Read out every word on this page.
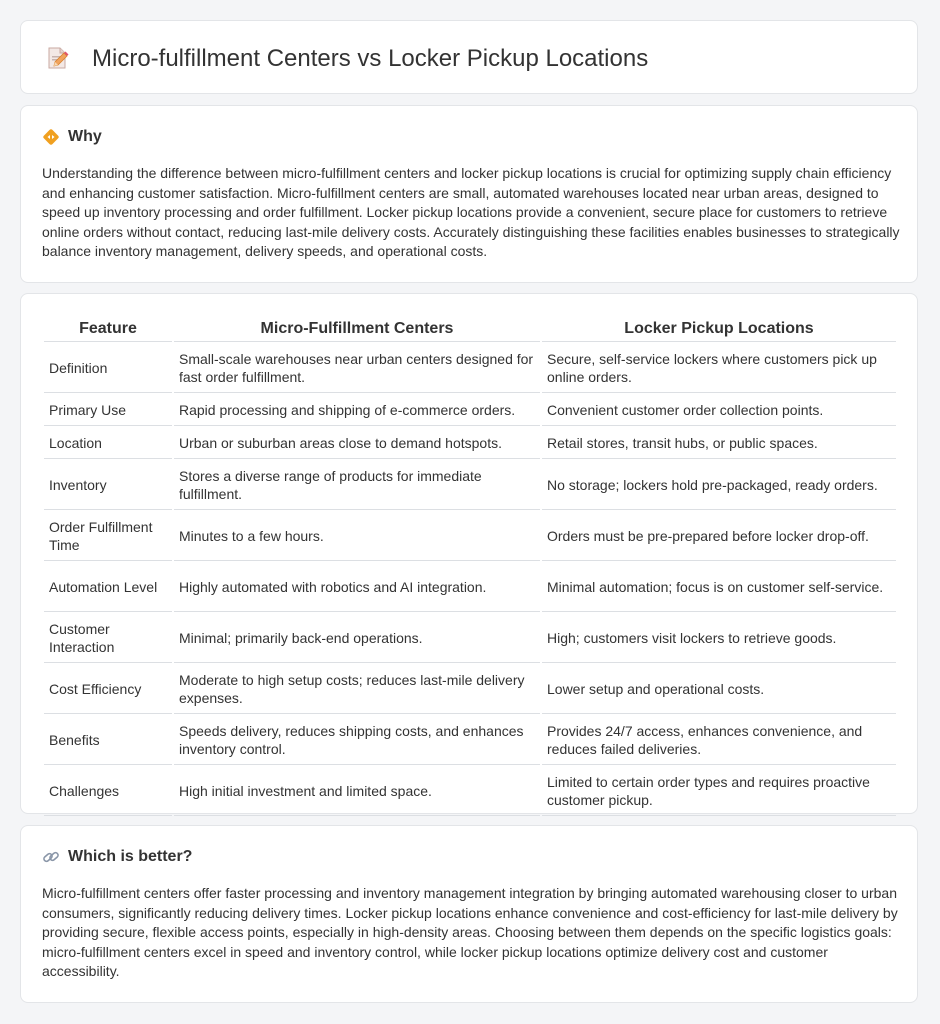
Micro-fulfillment Centers vs Locker Pickup Locations
Why

Understanding the difference between micro-fulfillment centers and locker pickup locations is crucial for optimizing supply chain efficiency and enhancing customer satisfaction. Micro-fulfillment centers are small, automated warehouses located near urban areas, designed to speed up inventory processing and order fulfillment. Locker pickup locations provide a convenient, secure place for customers to retrieve online orders without contact, reducing last-mile delivery costs. Accurately distinguishing these facilities enables businesses to strategically balance inventory management, delivery speeds, and operational costs.

Feature	Micro-Fulfillment Centers	Locker Pickup Locations
Definition	Small-scale warehouses near urban centers designed for fast order fulfillment.	Secure, self-service lockers where customers pick up online orders.
Primary Use	Rapid processing and shipping of e-commerce orders.	Convenient customer order collection points.
Location	Urban or suburban areas close to demand hotspots.	Retail stores, transit hubs, or public spaces.
Inventory	Stores a diverse range of products for immediate fulfillment.	No storage; lockers hold pre-packaged, ready orders.
Order Fulfillment Time	Minutes to a few hours.	Orders must be pre-prepared before locker drop-off.
Automation Level	Highly automated with robotics and AI integration.	Minimal automation; focus is on customer self-service.
Customer Interaction	Minimal; primarily back-end operations.	High; customers visit lockers to retrieve goods.
Cost Efficiency	Moderate to high setup costs; reduces last-mile delivery expenses.	Lower setup and operational costs.
Benefits	Speeds delivery, reduces shipping costs, and enhances inventory control.	Provides 24/7 access, enhances convenience, and reduces failed deliveries.
Challenges	High initial investment and limited space.	Limited to certain order types and requires proactive customer pickup.
Which is better?

Micro-fulfillment centers offer faster processing and inventory management integration by bringing automated warehousing closer to urban consumers, significantly reducing delivery times. Locker pickup locations enhance convenience and cost-efficiency for last-mile delivery by providing secure, flexible access points, especially in high-density areas. Choosing between them depends on the specific logistics goals: micro-fulfillment centers excel in speed and inventory control, while locker pickup locations optimize delivery cost and customer accessibility.
